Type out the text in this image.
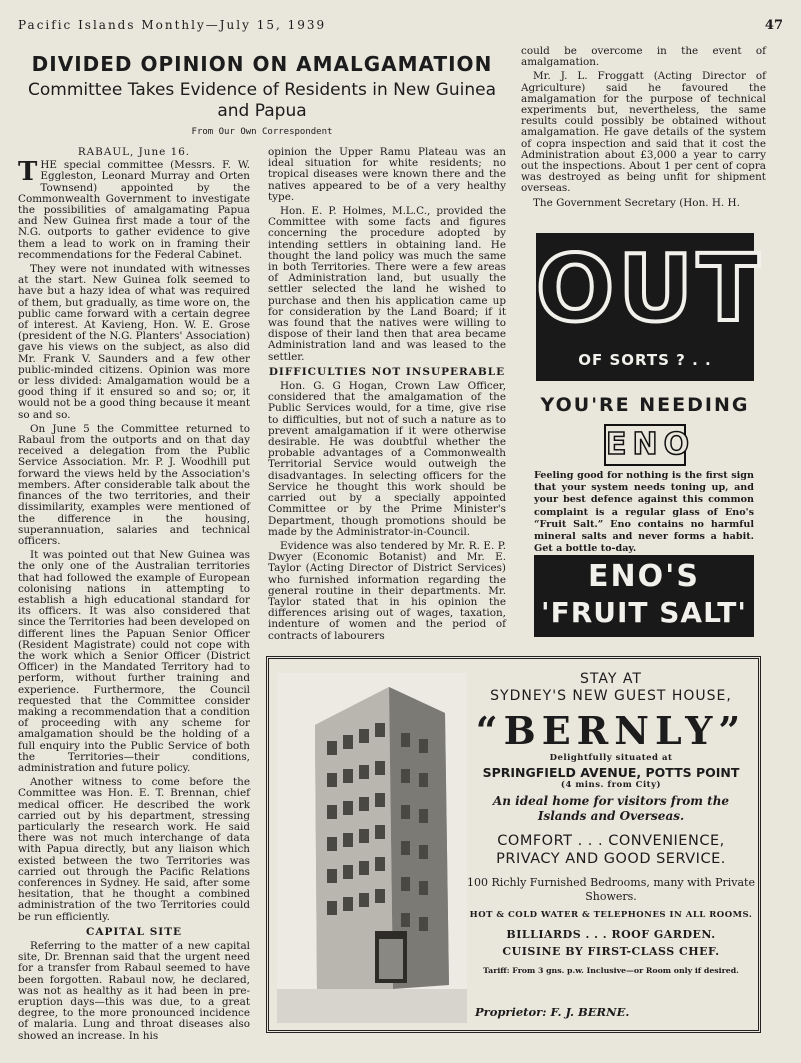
Pacific Islands Monthly—July 15, 1939	47
DIVIDED OPINION ON AMALGAMATION
Committee Takes Evidence of Residents in New Guinea and Papua
From Our Own Correspondent

RABAUL, June 16.

THE special committee (Messrs. F. W. Eggleston, Leonard Murray and Orten Townsend) appointed by the Commonwealth Government to investigate the possibilities of amalgamating Papua and New Guinea first made a tour of the N.G. outports to gather evidence to give them a lead to work on in framing their recommendations for the Federal Cabinet.

They were not inundated with witnesses at the start. New Guinea folk seemed to have but a hazy idea of what was required of them, but gradually, as time wore on, the public came forward with a certain degree of interest. At Kavieng, Hon. W. E. Grose (president of the N.G. Planters' Association) gave his views on the subject, as also did Mr. Frank V. Saunders and a few other public-minded citizens. Opinion was more or less divided: Amalgamation would be a good thing if it ensured so and so; or, it would not be a good thing because it meant so and so.

On June 5 the Committee returned to Rabaul from the outports and on that day received a delegation from the Public Service Association. Mr. P. J. Woodhill put forward the views held by the Association's members. After considerable talk about the finances of the two territories, and their dissimilarity, examples were mentioned of the difference in the housing, superannuation, salaries and technical officers.

It was pointed out that New Guinea was the only one of the Australian territories that had followed the example of European colonising nations in attempting to establish a high educational standard for its officers. It was also considered that since the Territories had been developed on different lines the Papuan Senior Officer (Resident Magistrate) could not cope with the work which a Senior Officer (District Officer) in the Mandated Territory had to perform, without further training and experience. Furthermore, the Council requested that the Committee consider making a recommendation that a condition of proceeding with any scheme for amalgamation should be the holding of a full enquiry into the Public Service of both the Territories—their conditions, administration and future policy.

Another witness to come before the Committee was Hon. E. T. Brennan, chief medical officer. He described the work carried out by his department, stressing particularly the research work. He said there was not much interchange of data with Papua directly, but any liaison which existed between the two Territories was carried out through the Pacific Relations conferences in Sydney. He said, after some hesitation, that he thought a combined administration of the two Territories could be run efficiently.

CAPITAL SITE

Referring to the matter of a new capital site, Dr. Brennan said that the urgent need for a transfer from Rabaul seemed to have been forgotten. Rabaul now, he declared, was not as healthy as it had been in pre-eruption days—this was due, to a great degree, to the more pronounced incidence of malaria. Lung and throat diseases also showed an increase. In his

opinion the Upper Ramu Plateau was an ideal situation for white residents; no tropical diseases were known there and the natives appeared to be of a very healthy type.

Hon. E. P. Holmes, M.L.C., provided the Committee with some facts and figures concerning the procedure adopted by intending settlers in obtaining land. He thought the land policy was much the same in both Territories. There were a few areas of Administration land, but usually the settler selected the land he wished to purchase and then his application came up for consideration by the Land Board; if it was found that the natives were willing to dispose of their land then that area became Administration land and was leased to the settler.

DIFFICULTIES NOT INSUPERABLE

Hon. G. G Hogan, Crown Law Officer, considered that the amalgamation of the Public Services would, for a time, give rise to difficulties, but not of such a nature as to prevent amalgamation if it were otherwise desirable. He was doubtful whether the probable advantages of a Commonwealth Territorial Service would outweigh the disadvantages. In selecting officers for the Service he thought this work should be carried out by a specially appointed Committee or by the Prime Minister's Department, though promotions should be made by the Administrator-in-Council.

Evidence was also tendered by Mr. R. E. P. Dwyer (Economic Botanist) and Mr. E. Taylor (Acting Director of District Services) who furnished information regarding the general routine in their departments. Mr. Taylor stated that in his opinion the differences arising out of wages, taxation, indenture of women and the period of contracts of labourers

could be overcome in the event of amalgamation.

Mr. J. L. Froggatt (Acting Director of Agriculture) said he favoured the amalgamation for the purpose of technical experiments but, nevertheless, the same results could possibly be obtained without amalgamation. He gave details of the system of copra inspection and said that it cost the Administration about £3,000 a year to carry out the inspections. About 1 per cent of copra was destroyed as being unfit for shipment overseas.

The Government Secretary (Hon. H. H.

OUT
OF SORTS ? . .
YOU'RE NEEDING
ENO
Feeling good for nothing is the first sign that your system needs toning up, and your best defence against this common complaint is a regular glass of Eno's “Fruit Salt.” Eno contains no harmful mineral salts and never forms a habit. Get a bottle to-day.
ENO'S
'FRUIT SALT'
STAY AT
SYDNEY'S NEW GUEST HOUSE,
“BERNLY”
Delightfully situated at
SPRINGFIELD AVENUE, POTTS POINT
(4 mins. from City)
An ideal home for visitors from the Islands and Overseas.
COMFORT . . . CONVENIENCE,
PRIVACY AND GOOD SERVICE.
100 Richly Furnished Bedrooms, many with Private Showers.
HOT & COLD WATER & TELEPHONES IN ALL ROOMS.
BILLIARDS . . . ROOF GARDEN.
CUISINE BY FIRST-CLASS CHEF.
Tariff: From 3 gns. p.w. Inclusive—or Room only if desired.
Proprietor: F. J. BERNE.
